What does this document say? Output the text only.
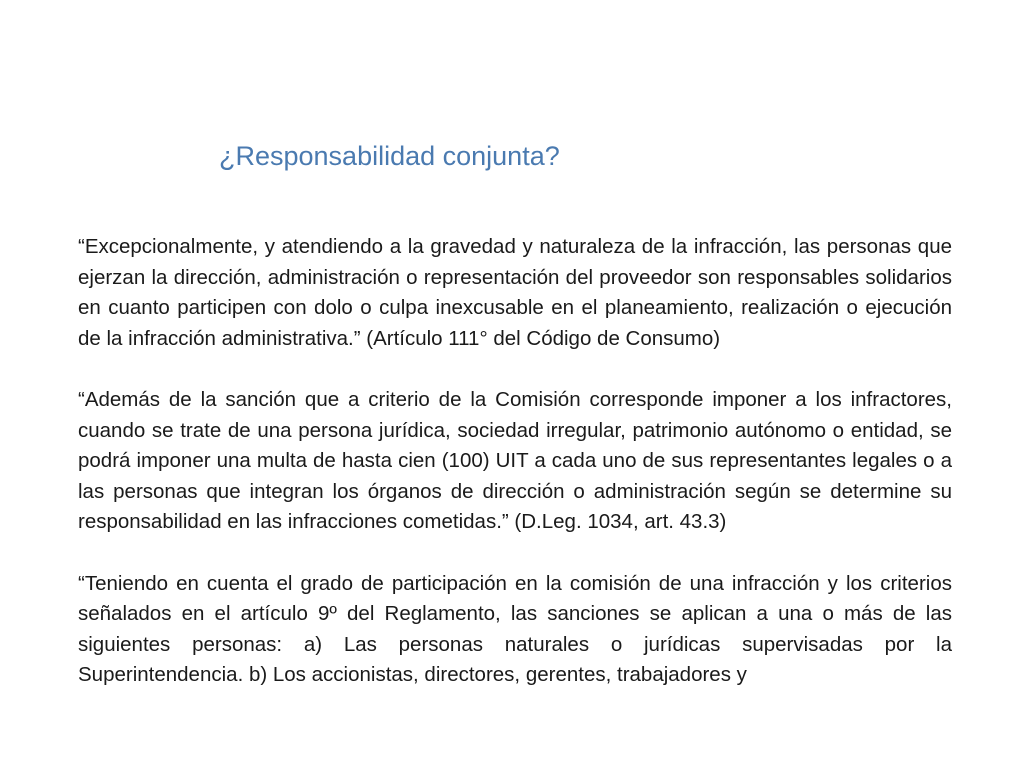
¿Responsabilidad conjunta?

“Excepcionalmente, y atendiendo a la gravedad y naturaleza de la infracción, las personas que ejerzan la dirección, administración o representación del proveedor son responsables solidarios en cuanto participen con dolo o culpa inexcusable en el planeamiento, realización o ejecución de la infracción administrativa.” (Artículo 111° del Código de Consumo)

“Además de la sanción que a criterio de la Comisión corresponde imponer a los infractores, cuando se trate de una persona jurídica, sociedad irregular, patrimonio autónomo o entidad, se podrá imponer una multa de hasta cien (100) UIT a cada uno de sus representantes legales o a las personas que integran los órganos de dirección o administración según se determine su responsabilidad en las infracciones cometidas.” (D.Leg. 1034, art. 43.3)

“Teniendo en cuenta el grado de participación en la comisión de una infracción y los criterios señalados en el artículo 9º del Reglamento, las sanciones se aplican a una o más de las siguientes personas: a) Las personas naturales o jurídicas supervisadas por la Superintendencia. b) Los accionistas, directores, gerentes, trabajadores y
